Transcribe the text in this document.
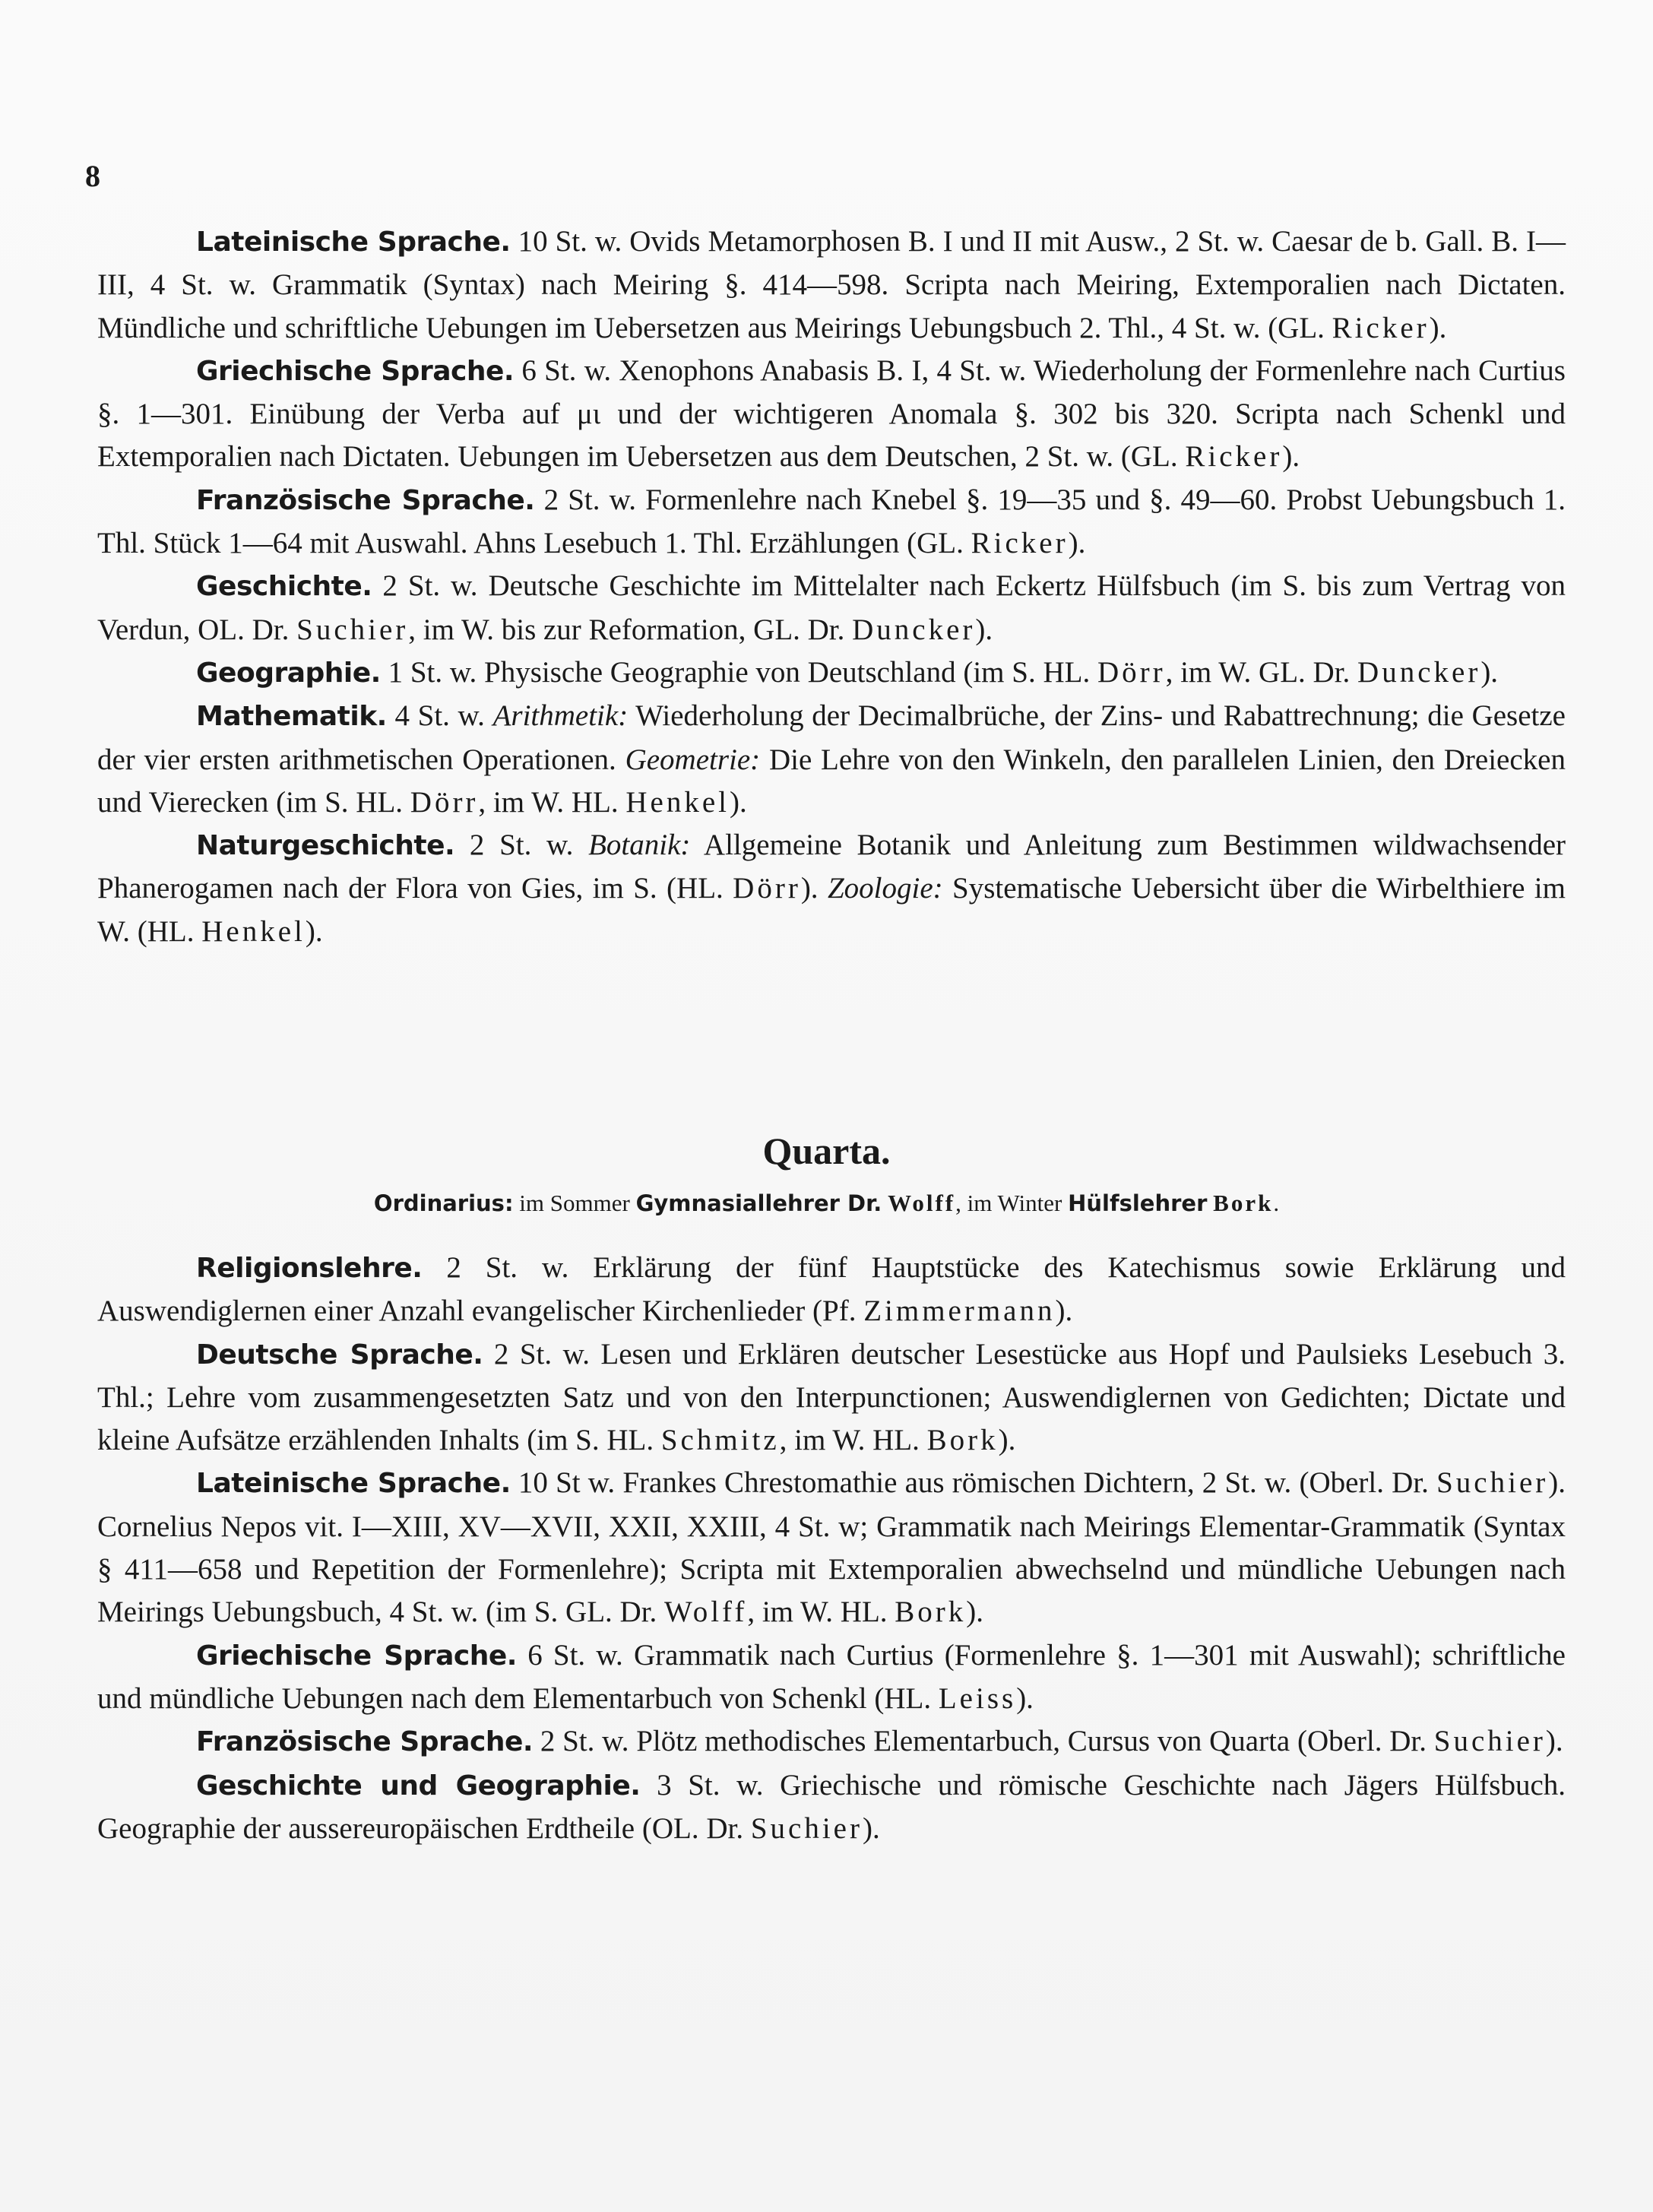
8

Lateinische Sprache. 10 St. w. Ovids Metamorphosen B. I und II mit Ausw., 2 St. w. Caesar de b. Gall. B. I—III, 4 St. w. Grammatik (Syntax) nach Meiring §. 414—598. Scripta nach Meiring, Extemporalien nach Dictaten. Mündliche und schriftliche Uebungen im Uebersetzen aus Meirings Uebungsbuch 2. Thl., 4 St. w. (GL. Ricker).

Griechische Sprache. 6 St. w. Xenophons Anabasis B. I, 4 St. w. Wiederholung der Formenlehre nach Curtius §. 1—301. Einübung der Verba auf μι und der wichtigeren Anomala §. 302 bis 320. Scripta nach Schenkl und Extemporalien nach Dictaten. Uebungen im Uebersetzen aus dem Deutschen, 2 St. w. (GL. Ricker).

Französische Sprache. 2 St. w. Formenlehre nach Knebel §. 19—35 und §. 49—60. Probst Uebungsbuch 1. Thl. Stück 1—64 mit Auswahl. Ahns Lesebuch 1. Thl. Erzählungen (GL. Ricker).

Geschichte. 2 St. w. Deutsche Geschichte im Mittelalter nach Eckertz Hülfsbuch (im S. bis zum Vertrag von Verdun, OL. Dr. Suchier, im W. bis zur Reformation, GL. Dr. Duncker).

Geographie. 1 St. w. Physische Geographie von Deutschland (im S. HL. Dörr, im W. GL. Dr. Duncker).

Mathematik. 4 St. w. Arithmetik: Wiederholung der Decimalbrüche, der Zins- und Rabattrechnung; die Gesetze der vier ersten arithmetischen Operationen. Geometrie: Die Lehre von den Winkeln, den parallelen Linien, den Dreiecken und Vierecken (im S. HL. Dörr, im W. HL. Henkel).

Naturgeschichte. 2 St. w. Botanik: Allgemeine Botanik und Anleitung zum Bestimmen wildwachsender Phanerogamen nach der Flora von Gies, im S. (HL. Dörr). Zoologie: Systematische Uebersicht über die Wirbelthiere im W. (HL. Henkel).

Quarta.
Ordinarius: im Sommer Gymnasiallehrer Dr. Wolff, im Winter Hülfslehrer Bork.

Religionslehre. 2 St. w. Erklärung der fünf Hauptstücke des Katechismus sowie Erklärung und Auswendiglernen einer Anzahl evangelischer Kirchenlieder (Pf. Zimmermann).

Deutsche Sprache. 2 St. w. Lesen und Erklären deutscher Lesestücke aus Hopf und Paulsieks Lesebuch 3. Thl.; Lehre vom zusammengesetzten Satz und von den Interpunctionen; Auswendiglernen von Gedichten; Dictate und kleine Aufsätze erzählenden Inhalts (im S. HL. Schmitz, im W. HL. Bork).

Lateinische Sprache. 10 St w. Frankes Chrestomathie aus römischen Dichtern, 2 St. w. (Oberl. Dr. Suchier). Cornelius Nepos vit. I—XIII, XV—XVII, XXII, XXIII, 4 St. w; Grammatik nach Meirings Elementar-Grammatik (Syntax § 411—658 und Repetition der Formenlehre); Scripta mit Extemporalien abwechselnd und mündliche Uebungen nach Meirings Uebungsbuch, 4 St. w. (im S. GL. Dr. Wolff, im W. HL. Bork).

Griechische Sprache. 6 St. w. Grammatik nach Curtius (Formenlehre §. 1—301 mit Auswahl); schriftliche und mündliche Uebungen nach dem Elementarbuch von Schenkl (HL. Leiss).

Französische Sprache. 2 St. w. Plötz methodisches Elementarbuch, Cursus von Quarta (Oberl. Dr. Suchier).

Geschichte und Geographie. 3 St. w. Griechische und römische Geschichte nach Jägers Hülfsbuch. Geographie der aussereuropäischen Erdtheile (OL. Dr. Suchier).
